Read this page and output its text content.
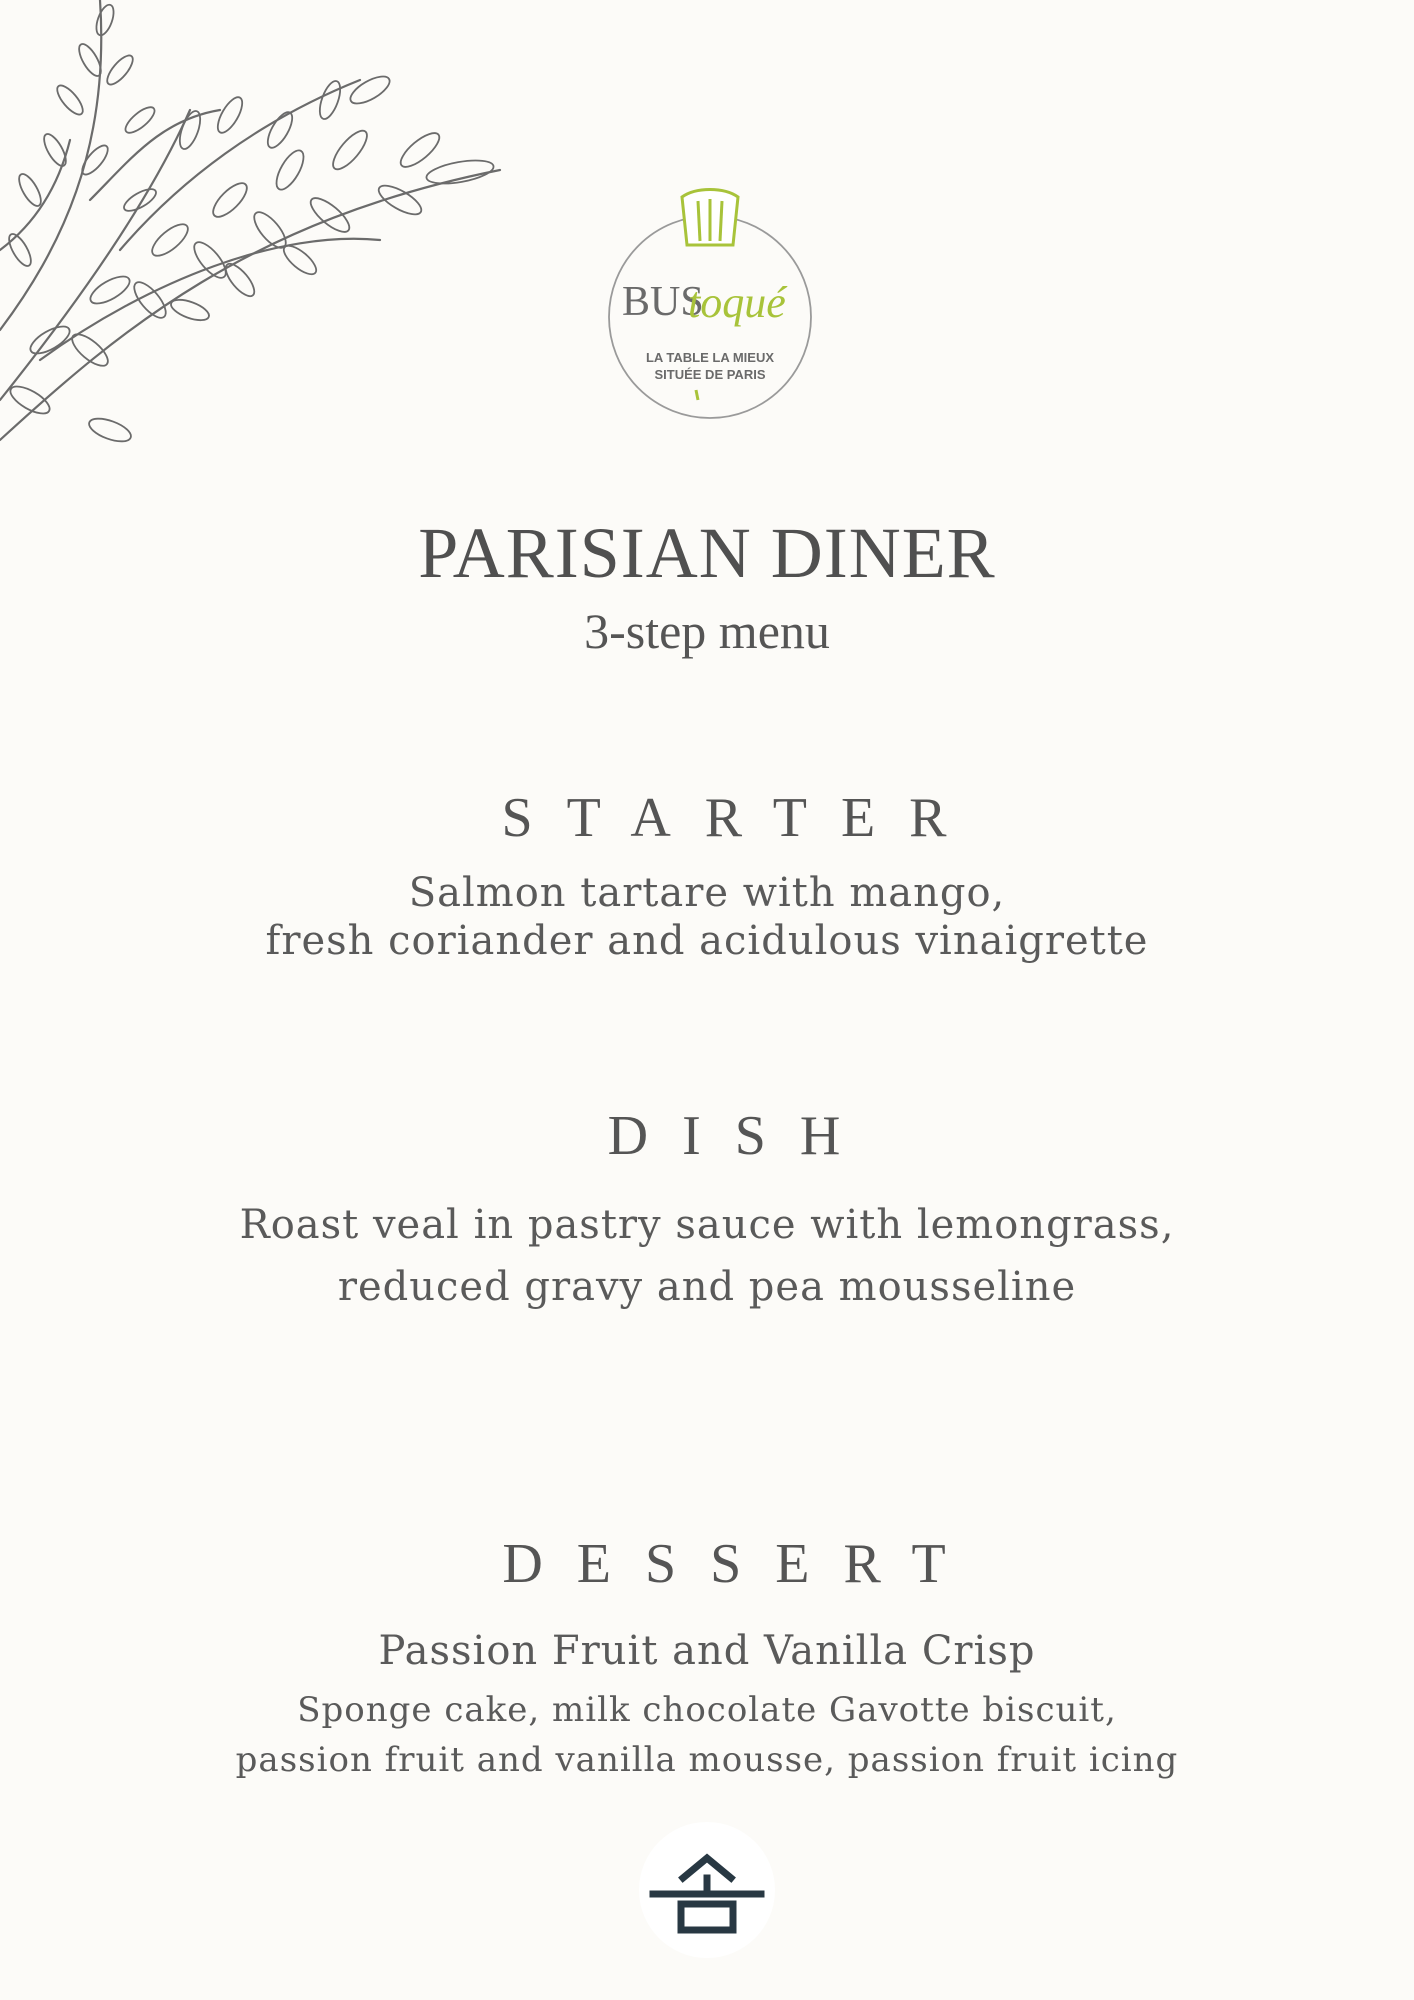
BUS
toqué
LA TABLE LA MIEUX
SITUÉE DE PARIS
PARISIAN DINER
3-step menu
STARTER
Salmon tartare with mango,
fresh coriander and acidulous vinaigrette
DISH
Roast veal in pastry sauce with lemongrass,
reduced gravy and pea mousseline
DESSERT
Passion Fruit and Vanilla Crisp
Sponge cake, milk chocolate Gavotte biscuit,
passion fruit and vanilla mousse, passion fruit icing
